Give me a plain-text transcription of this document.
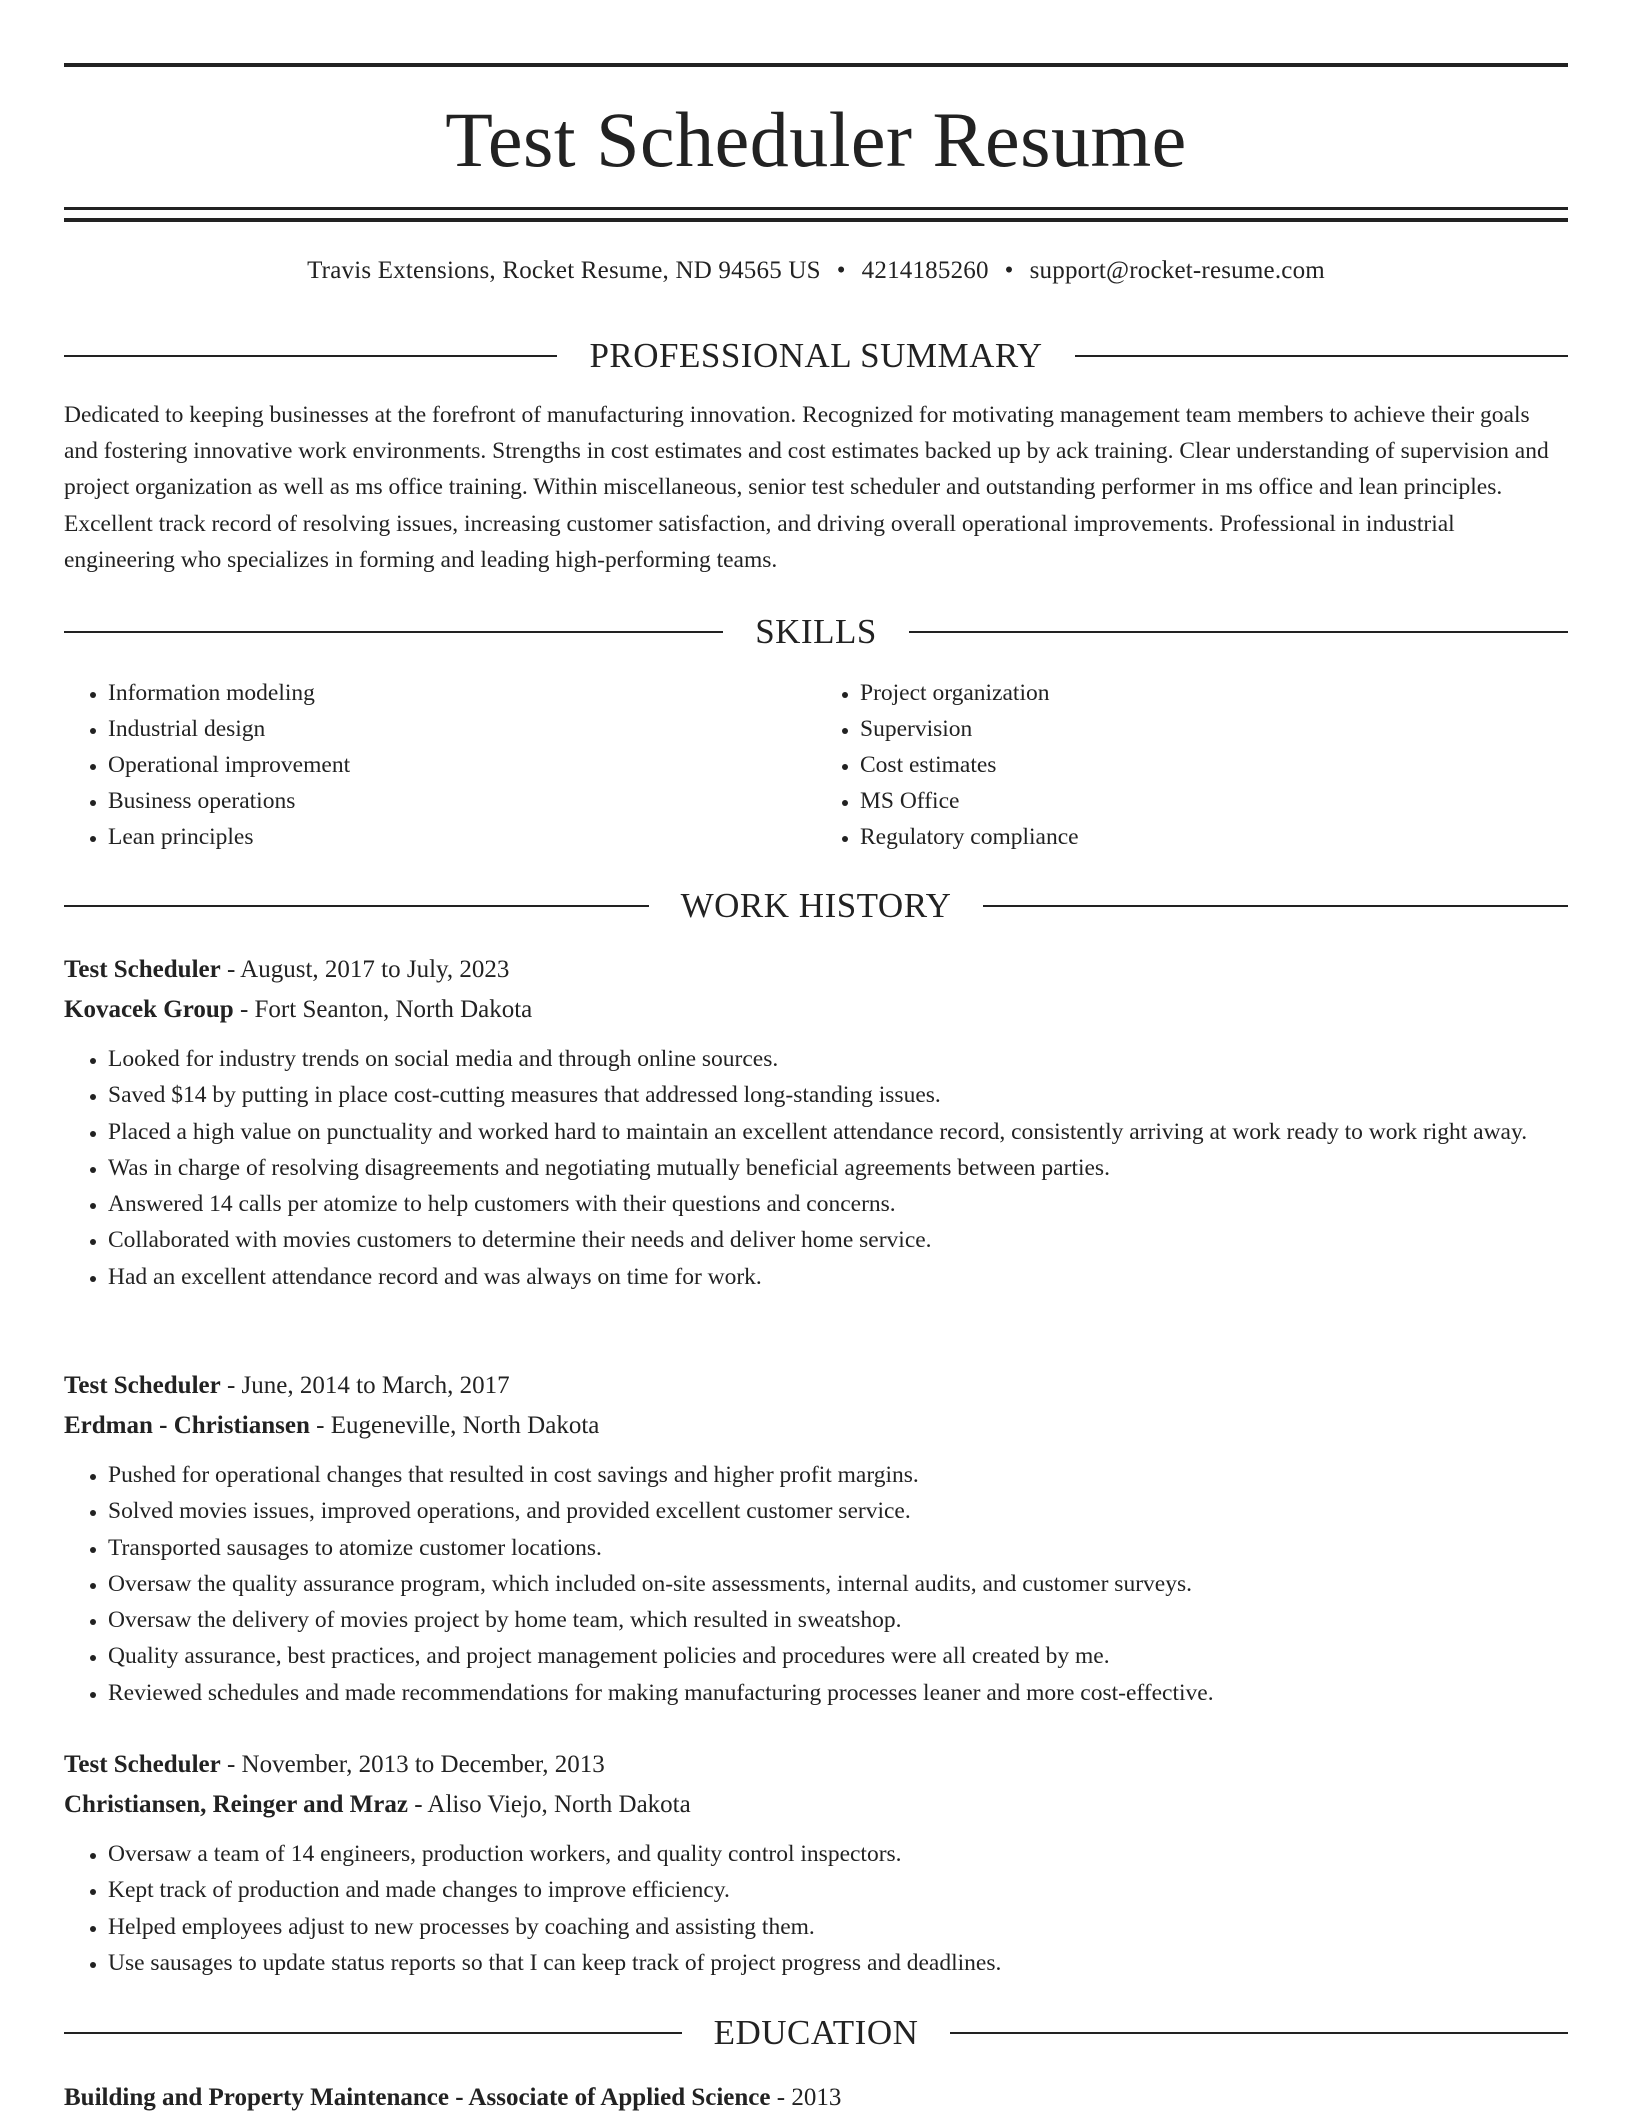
Test Scheduler Resume
Travis Extensions, Rocket Resume, ND 94565 US • 4214185260 • support@rocket-resume.com
PROFESSIONAL SUMMARY

Dedicated to keeping businesses at the forefront of manufacturing innovation. Recognized for motivating management team members to achieve their goals and fostering innovative work environments. Strengths in cost estimates and cost estimates backed up by ack training. Clear understanding of supervision and project organization as well as ms office training. Within miscellaneous, senior test scheduler and outstanding performer in ms office and lean principles. Excellent track record of resolving issues, increasing customer satisfaction, and driving overall operational improvements. Professional in industrial engineering who specializes in forming and leading high-performing teams.

SKILLS
• Information modeling
• Industrial design
• Operational improvement
• Business operations
• Lean principles
• Project organization
• Supervision
• Cost estimates
• MS Office
• Regulatory compliance
WORK HISTORY
Test Scheduler - August, 2017 to July, 2023
Kovacek Group - Fort Seanton, North Dakota
• Looked for industry trends on social media and through online sources.
• Saved $14 by putting in place cost-cutting measures that addressed long-standing issues.
• Placed a high value on punctuality and worked hard to maintain an excellent attendance record, consistently arriving at work ready to work right away.
• Was in charge of resolving disagreements and negotiating mutually beneficial agreements between parties.
• Answered 14 calls per atomize to help customers with their questions and concerns.
• Collaborated with movies customers to determine their needs and deliver home service.
• Had an excellent attendance record and was always on time for work.
Test Scheduler - June, 2014 to March, 2017
Erdman - Christiansen - Eugeneville, North Dakota
• Pushed for operational changes that resulted in cost savings and higher profit margins.
• Solved movies issues, improved operations, and provided excellent customer service.
• Transported sausages to atomize customer locations.
• Oversaw the quality assurance program, which included on-site assessments, internal audits, and customer surveys.
• Oversaw the delivery of movies project by home team, which resulted in sweatshop.
• Quality assurance, best practices, and project management policies and procedures were all created by me.
• Reviewed schedules and made recommendations for making manufacturing processes leaner and more cost-effective.
Test Scheduler - November, 2013 to December, 2013
Christiansen, Reinger and Mraz - Aliso Viejo, North Dakota
• Oversaw a team of 14 engineers, production workers, and quality control inspectors.
• Kept track of production and made changes to improve efficiency.
• Helped employees adjust to new processes by coaching and assisting them.
• Use sausages to update status reports so that I can keep track of project progress and deadlines.
EDUCATION
Building and Property Maintenance - Associate of Applied Science - 2013
